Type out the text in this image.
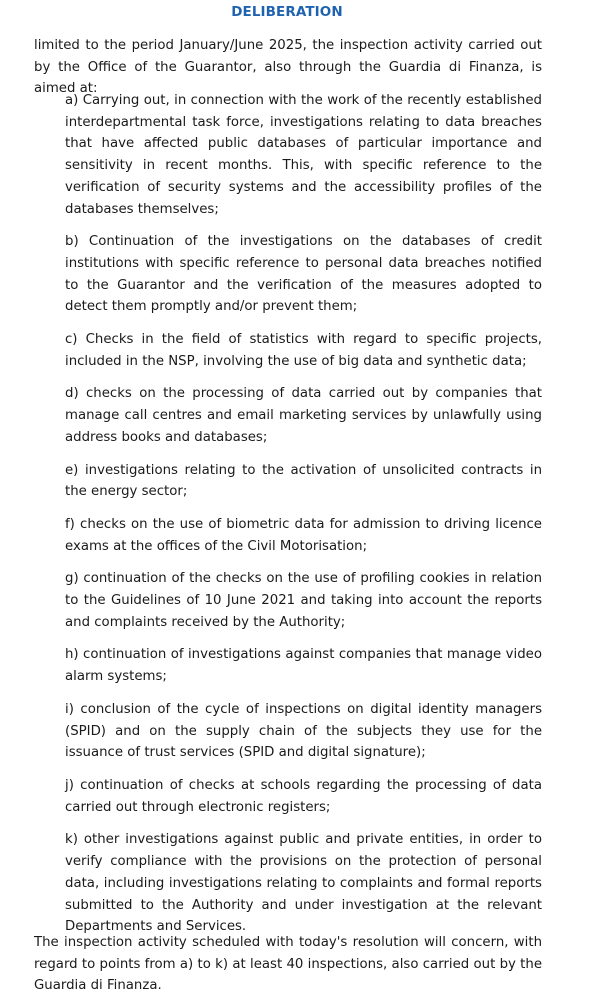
DELIBERATION

limited to the period January/June 2025, the inspection activity carried out by the Office of the Guarantor, also through the Guardia di Finanza, is aimed at:

a) Carrying out, in connection with the work of the recently established interdepartmental task force, investigations relating to data breaches that have affected public databases of particular importance and sensitivity in recent months. This, with specific reference to the verification of security systems and the accessibility profiles of the databases themselves;
b) Continuation of the investigations on the databases of credit institutions with specific reference to personal data breaches notified to the Guarantor and the verification of the measures adopted to detect them promptly and/or prevent them;
c) Checks in the field of statistics with regard to specific projects, included in the NSP, involving the use of big data and synthetic data;
d) checks on the processing of data carried out by companies that manage call centres and email marketing services by unlawfully using address books and databases;
e) investigations relating to the activation of unsolicited contracts in the energy sector;
f) checks on the use of biometric data for admission to driving licence exams at the offices of the Civil Motorisation;
g) continuation of the checks on the use of profiling cookies in relation to the Guidelines of 10 June 2021 and taking into account the reports and complaints received by the Authority;
h) continuation of investigations against companies that manage video alarm systems;
i) conclusion of the cycle of inspections on digital identity managers (SPID) and on the supply chain of the subjects they use for the issuance of trust services (SPID and digital signature);
j) continuation of checks at schools regarding the processing of data carried out through electronic registers;
k) other investigations against public and private entities, in order to verify compliance with the provisions on the protection of personal data, including investigations relating to complaints and formal reports submitted to the Authority and under investigation at the relevant Departments and Services.

The inspection activity scheduled with today's resolution will concern, with regard to points from a) to k) at least 40 inspections, also carried out by the Guardia di Finanza.
